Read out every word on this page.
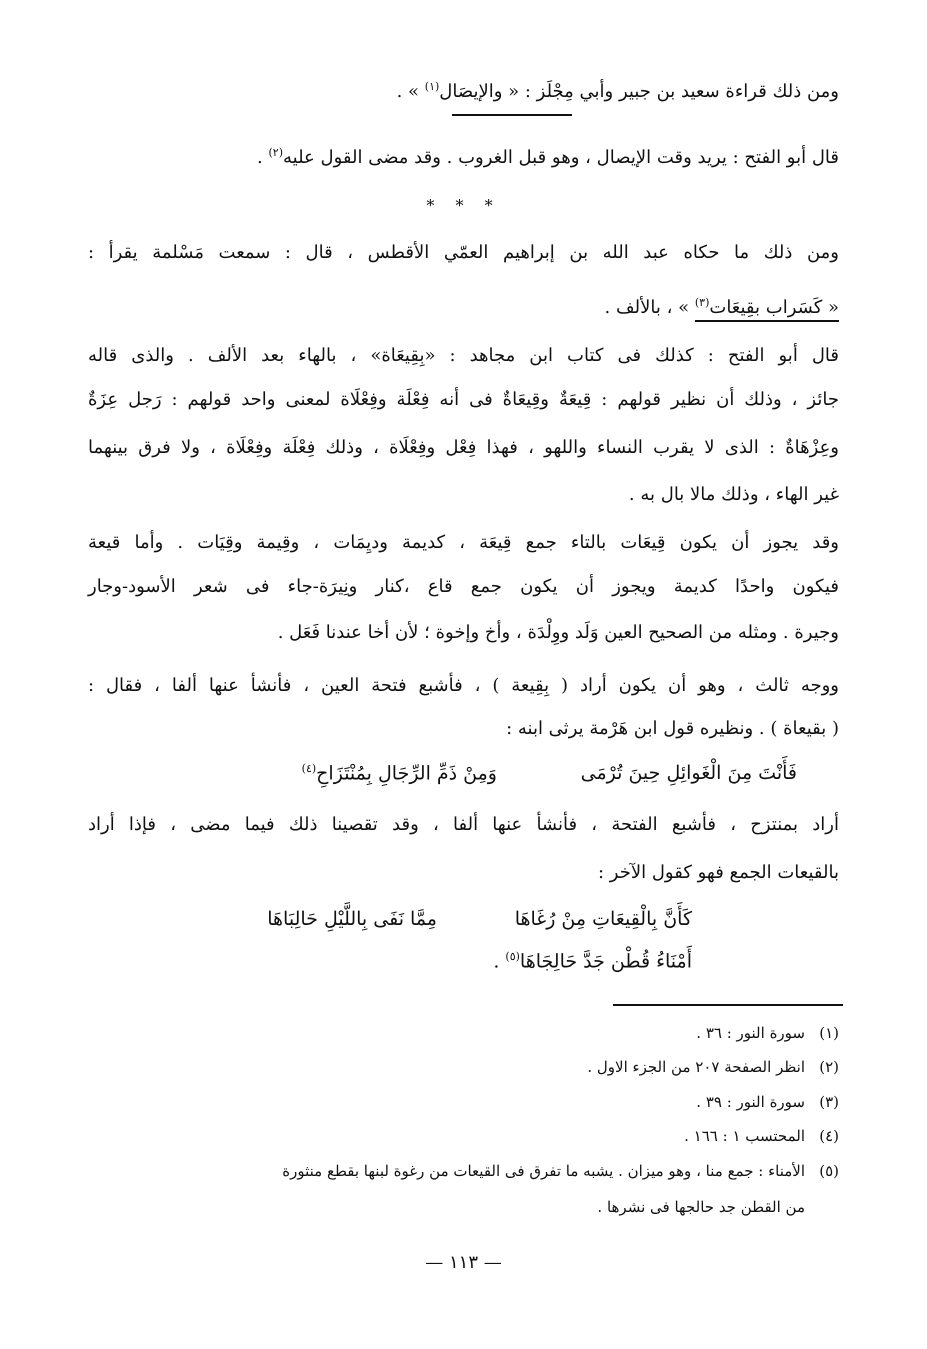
ومن ذلك قراءة سعيد بن جبير وأبي مِجْلَز : « والإيصَال$^{(١)}$ » .
قال أبو الفتح : يريد وقت الإيصال ، وهو قبل الغروب . وقد مضى القول عليه$^{(٢)}$ .
* * *
ومن ذلك ما حكاه عبد الله بن إبراهيم العمّي الأقطس ، قال : سمعت مَسْلمة يقرأ :
« كَسَراب بقِيعَات$^{(٣)}$ » ، بالألف .
قال أبو الفتح : كذلك فى كتاب ابن مجاهد : «بِقِيعَاة» ، بالهاء بعد الألف . والذى قاله
جائز ، وذلك أن نظير قولهم : قِيعَةٌ وقِيعَاةٌ فى أنه فِعْلَة وفِعْلَاة لمعنى واحد قولهم : رَجل عِزَةٌ
وعِزْهَاةٌ : الذى لا يقرب النساء واللهو ، فهذا فِعْل وفِعْلَاة ، وذلك فِعْلَة وفِعْلَاة ، ولا فرق بينهما
غير الهاء ، وذلك مالا بال به .
وقد يجوز أن يكون قِيعَات بالتاء جمع قِيعَة ، كديمة وديِمَات ، وقِيمة وقِيَات . وأما قيعة
فيكون واحدًا كديمة ويجوز أن يكون جمع قاع ،كنار ونِيرَة-جاء فى شعر الأسود-وجار
وجيرة . ومثله من الصحيح العين وَلَد ووِلْدَة ، وأخ وإخوة ؛ لأن أخا عندنا فَعَل .
ووجه ثالث ، وهو أن يكون أراد ( بِقِيعة ) ، فأشبع فتحة العين ، فأنشأ عنها ألفا ، فقال :
( بقيعاة ) . ونظيره قول ابن هَرْمة يرثى ابنه :
فَأَنْتَ مِنَ الْغَوائِلِ حِينَ تُرْمَى
وَمِنْ ذَمِّ الرِّجَالِ بِمُنْتَزَاحِ$^{(٤)}$
أراد بمنتزح ، فأشبع الفتحة ، فأنشأ عنها ألفا ، وقد تقصينا ذلك فيما مضى ، فإذا أراد
بالقيعات الجمع فهو كقول الآخر :
كَأَنَّ بِالْقِيعَاتِ مِنْ رُغَاهَا
مِمَّا نَفَى بِاللَّيْلِ حَالِبَاهَا
أَمْنَاءُ قُطْن جَدَّ حَالِجَاهَا$^{(٥)}$ .
(١)سورة النور : ٣٦ .
(٢)انظر الصفحة ٢٠٧ من الجزء الاول .
(٣)سورة النور : ٣٩ .
(٤)المحتسب ١ : ١٦٦ .
(٥)الأمناء : جمع منا ، وهو ميزان . يشبه ما تفرق فى القيعات من رغوة لبنها بقطع منثورة
من القطن جد حالجها فى نشرها .
— ١١٣ —
